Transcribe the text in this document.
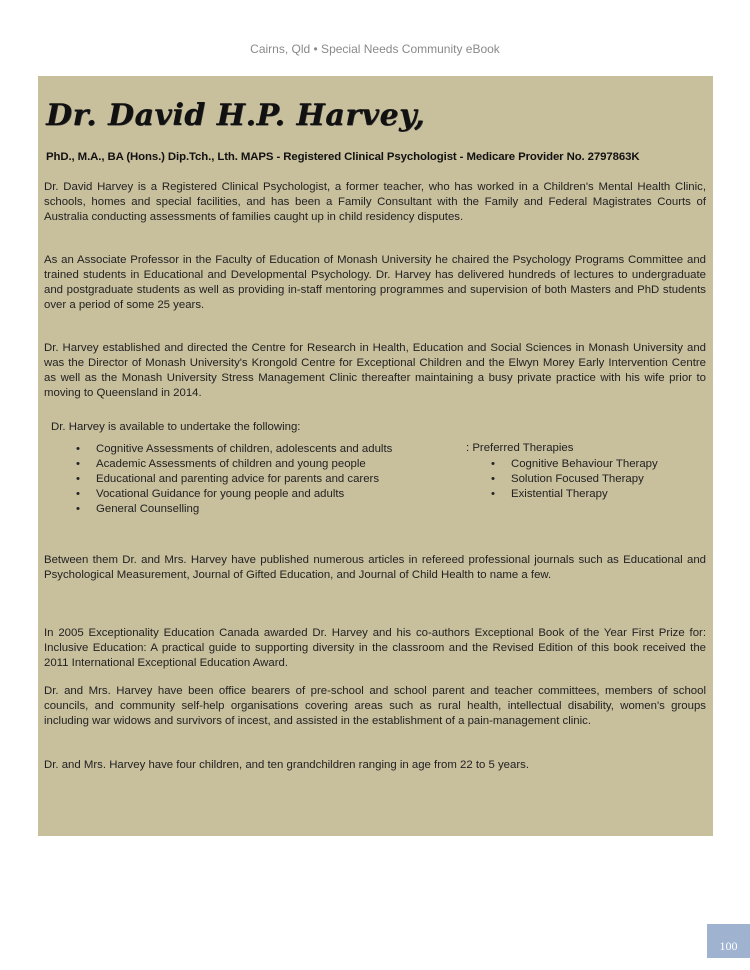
Cairns, Qld • Special Needs Community eBook
Dr. David H.P. Harvey,
PhD., M.A., BA (Hons.) Dip.Tch., Lth. MAPS - Registered Clinical Psychologist - Medicare Provider No. 2797863K

Dr. David Harvey is a Registered Clinical Psychologist, a former teacher, who has worked in a Children's Mental Health Clinic, schools, homes and special facilities, and has been a Family Consultant with the Family and Federal Magistrates Courts of Australia conducting assessments of families caught up in child residency disputes.

As an Associate Professor in the Faculty of Education of Monash University he chaired the Psychology Programs Committee and trained students in Educational and Developmental Psychology. Dr. Harvey has delivered hundreds of lectures to undergraduate and postgraduate students as well as providing in-staff mentoring programmes and supervision of both Masters and PhD students over a period of some 25 years.

Dr. Harvey established and directed the Centre for Research in Health, Education and Social Sciences in Monash University and was the Director of Monash University's Krongold Centre for Exceptional Children and the Elwyn Morey Early Intervention Centre as well as the Monash University Stress Management Clinic thereafter maintaining a busy private practice with his wife prior to moving to Queensland in 2014.

Dr. Harvey is available to undertake the following:
• Cognitive Assessments of children, adolescents and adults
• Academic Assessments of children and young people
• Educational and parenting advice for parents and carers
• Vocational Guidance for young people and adults
• General Counselling
: Preferred Therapies
• Cognitive Behaviour Therapy
• Solution Focused Therapy
• Existential Therapy

Between them Dr. and Mrs. Harvey have published numerous articles in refereed professional journals such as Educational and Psychological Measurement, Journal of Gifted Education, and Journal of Child Health to name a few.

In 2005 Exceptionality Education Canada awarded Dr. Harvey and his co-authors Exceptional Book of the Year First Prize for: Inclusive Education: A practical guide to supporting diversity in the classroom and the Revised Edition of this book received the 2011 International Exceptional Education Award.

Dr. and Mrs. Harvey have been office bearers of pre-school and school parent and teacher committees, members of school councils, and community self-help organisations covering areas such as rural health, intellectual disability, women's groups including war widows and survivors of incest, and assisted in the establishment of a pain-management clinic.

Dr. and Mrs. Harvey have four children, and ten grandchildren ranging in age from 22 to 5 years.

100
